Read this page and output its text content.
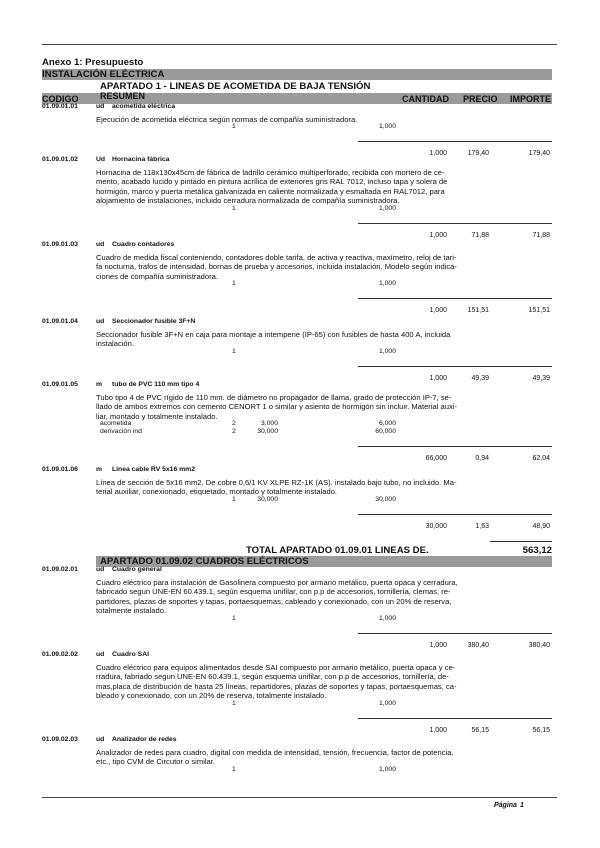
Anexo 1: Presupuesto
INSTALACIÓN ELÉCTRICA
APARTADO 1 - LINEAS DE ACOMETIDA DE BAJA TENSIÓN
CODIGO RESUMEN	CANTIDAD PRECIO IMPORTE
01.09.01.01	ud acometida eléctrica
Ejecución de acometida eléctrica según normas de compañía suministradora.
1	1,000
1,000	179,40	179,40
01.09.01.02	Ud Hornacina fábrica
Hornacina de 118x130x45cm de fábrica de ladrillo cerámico multiperforado, recibida con mortero de ce-
mento, acabado lucido y pintado en pintura acrílica de exteriores gris RAL 7012, incluso tapa y solera de
hormigón, marco y puerta metálica galvanizada en caliente normalizada y esmaltada en RAL7012, para
alojamiento de instalaciones, incluido cerradura normalizada de compañía suministradora.
1	1,000
1,000	71,88	71,88
01.09.01.03	ud Cuadro contadores
Cuadro de medida fiscal conteniendo, contadores doble tarifa, de activa y reactiva, maxímetro, reloj de tari-
fa nocturna, trafos de intensidad, bornas de prueba y accesorios, incluida instalación. Modelo según indica-
ciones de compañía suministradora.
1	1,000
1,000	151,51	151,51
01.09.01.04	ud Seccionador fusible 3F+N
Seccionador fusible 3F+N en caja para montaje a intemperie (IP-65) con fusibles de hasta 400 A, incluida
instalación.
1	1,000
1,000	49,39	49,39
01.09.01.05	m tubo de PVC 110 mm tipo 4
Tubo tipo 4 de PVC rígido de 110 mm. de diámetro no propagador de llama, grado de protección IP-7, se-
llado de ambos extremos con cemento CENORT 1 o similar y asiento de hormigón sin incluir. Material auxi-
liar, montado y totalmente instalado.
acometida	2	3,000	6,000
derivación ind	2	30,000	60,000
66,000	0,94	62,04
01.09.01.06	m Linea cable RV 5x16 mm2
Línea de sección de 5x16 mm2. De cobre 0,6/1 KV XLPE RZ-1K (AS). instalado bajo tubo, no incluido. Ma-
terial auxiliar, conexionado, etiquetado, montado y totalmente instalado.
1	30,000	30,000
30,000	1,63	48,90
TOTAL APARTADO 01.09.01 LINEAS DE.	563,12
APARTADO 01.09.02 CUADROS ELÉCTRICOS
01.09.02.01	ud Cuadro general
Cuadro eléctrico para instalación de Gasolinera compuesto por armario metálico, puerta opaca y cerradura,
fabricado segun UNE-EN 60.439.1, según esquema unifilar, con p.p de accesorios, tornillería, clemas, re-
partidores, plazas de soportes y tapas, portaesquemas, cableado y conexionado, con un 20% de reserva,
totalmente instalado.
1	1,000
1,000	380,40	380,40
01.09.02.02	ud Cuadro SAI
Cuadro eléctrico para equipos alimentados desde SAI compuesto por armario metálico, puerta opaca y ce-
rradura, fabriado segun UNE-EN 60.439.1, según esquema unifilar, con p.p de accesorios, tornillería, de-
mas,placa de distribución de hasta 25 líneas, repartidores, plazas de soportes y tapas, portaesquemas, ca-
bleado y conexionado, con un 20% de reserva, totalmente instalado.
1	1,000
1,000	56,15	56,15
01.09.02.03	ud Analizador de redes
Analizador de redes para cuadro, digital con medida de intensidad, tensión, frecuencia, factor de potencia,
etc., tipo CVM de Circutor o similar.
1	1,000
Página 1
